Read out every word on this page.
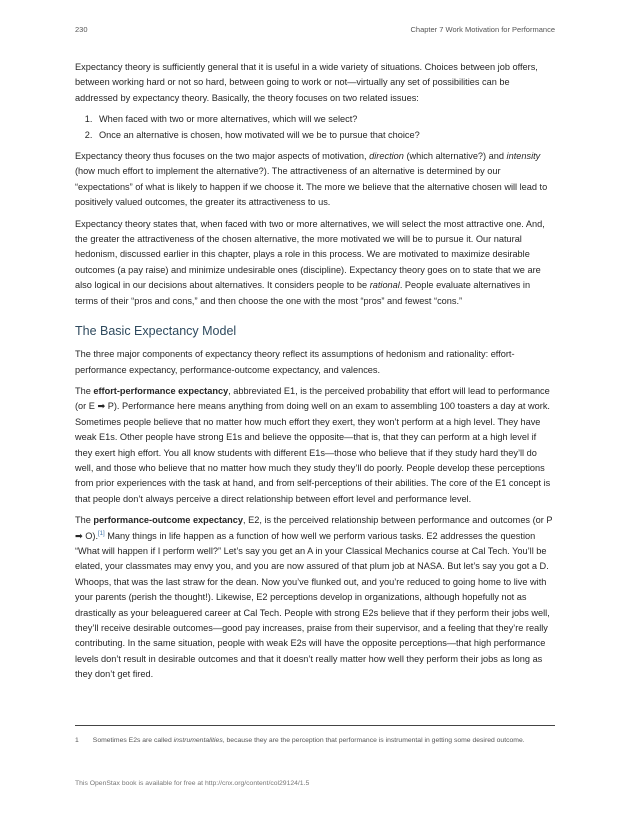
230	Chapter 7 Work Motivation for Performance

Expectancy theory is sufficiently general that it is useful in a wide variety of situations. Choices between job offers, between working hard or not so hard, between going to work or not—virtually any set of possibilities can be addressed by expectancy theory. Basically, the theory focuses on two related issues:

1. When faced with two or more alternatives, which will we select?
2. Once an alternative is chosen, how motivated will we be to pursue that choice?

Expectancy theory thus focuses on the two major aspects of motivation, direction (which alternative?) and intensity (how much effort to implement the alternative?). The attractiveness of an alternative is determined by our “expectations” of what is likely to happen if we choose it. The more we believe that the alternative chosen will lead to positively valued outcomes, the greater its attractiveness to us.

Expectancy theory states that, when faced with two or more alternatives, we will select the most attractive one. And, the greater the attractiveness of the chosen alternative, the more motivated we will be to pursue it. Our natural hedonism, discussed earlier in this chapter, plays a role in this process. We are motivated to maximize desirable outcomes (a pay raise) and minimize undesirable ones (discipline). Expectancy theory goes on to state that we are also logical in our decisions about alternatives. It considers people to be rational. People evaluate alternatives in terms of their “pros and cons,” and then choose the one with the most “pros” and fewest “cons.”

The Basic Expectancy Model

The three major components of expectancy theory reflect its assumptions of hedonism and rationality: effort-performance expectancy, performance-outcome expectancy, and valences.

The effort-performance expectancy, abbreviated E1, is the perceived probability that effort will lead to performance (or E ➡ P). Performance here means anything from doing well on an exam to assembling 100 toasters a day at work. Sometimes people believe that no matter how much effort they exert, they won’t perform at a high level. They have weak E1s. Other people have strong E1s and believe the opposite—that is, that they can perform at a high level if they exert high effort. You all know students with different E1s—those who believe that if they study hard they’ll do well, and those who believe that no matter how much they study they’ll do poorly. People develop these perceptions from prior experiences with the task at hand, and from self-perceptions of their abilities. The core of the E1 concept is that people don’t always perceive a direct relationship between effort level and performance level.

The performance-outcome expectancy, E2, is the perceived relationship between performance and outcomes (or P ➡ O).[1] Many things in life happen as a function of how well we perform various tasks. E2 addresses the question “What will happen if I perform well?” Let’s say you get an A in your Classical Mechanics course at Cal Tech. You’ll be elated, your classmates may envy you, and you are now assured of that plum job at NASA. But let’s say you got a D. Whoops, that was the last straw for the dean. Now you’ve flunked out, and you’re reduced to going home to live with your parents (perish the thought!). Likewise, E2 perceptions develop in organizations, although hopefully not as drastically as your beleaguered career at Cal Tech. People with strong E2s believe that if they perform their jobs well, they’ll receive desirable outcomes—good pay increases, praise from their supervisor, and a feeling that they’re really contributing. In the same situation, people with weak E2s will have the opposite perceptions—that high performance levels don’t result in desirable outcomes and that it doesn’t really matter how well they perform their jobs as long as they don’t get fired.

1 Sometimes E2s are called instrumentalities, because they are the perception that performance is instrumental in getting some desired outcome.
This OpenStax book is available for free at http://cnx.org/content/col29124/1.5
